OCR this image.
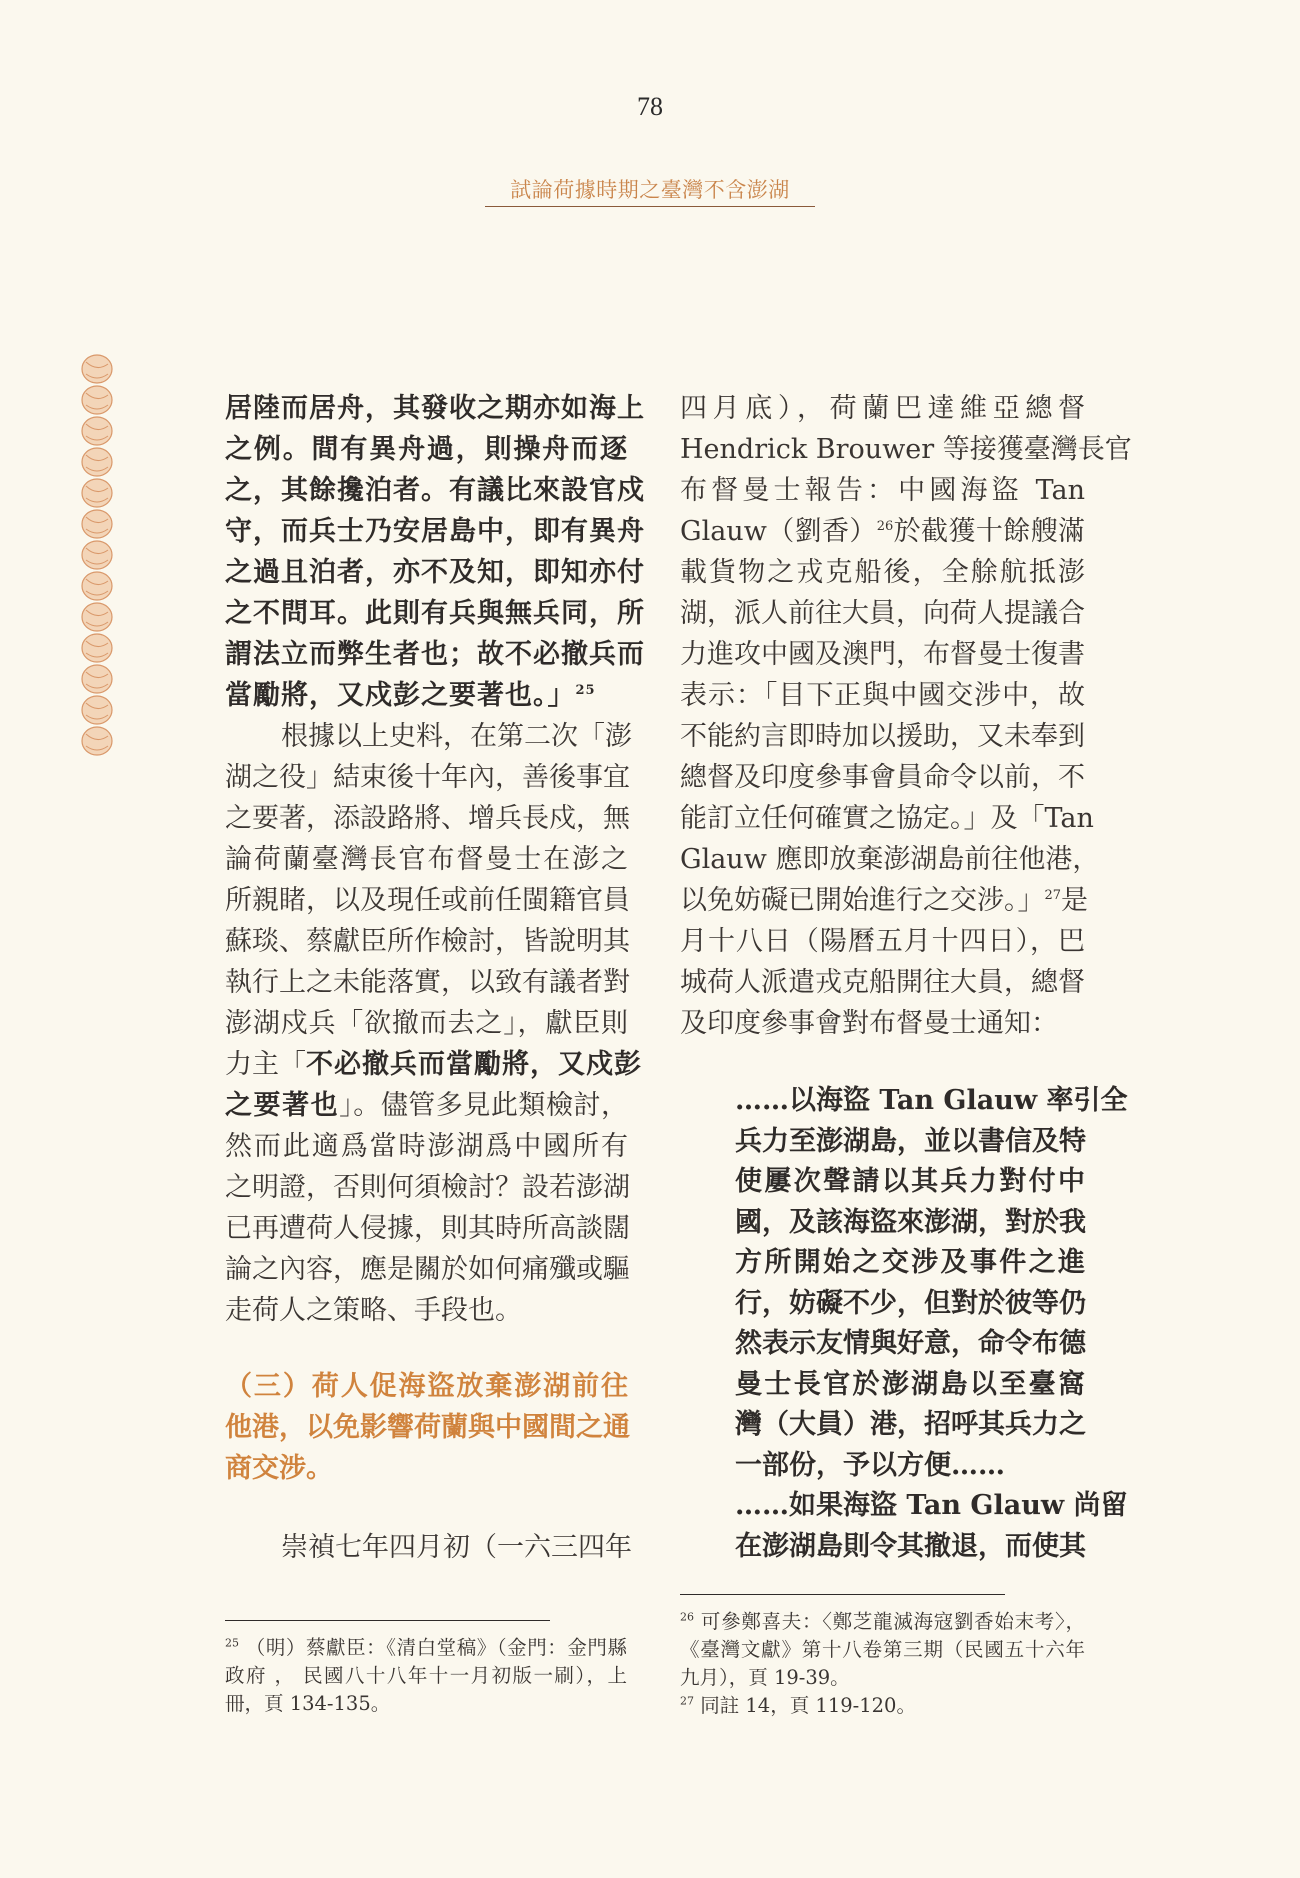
78
試論荷據時期之臺灣不含澎湖
居陸而居舟，其發收之期亦如海上
之例。間有異舟過，則操舟而逐
之，其餘攙泊者。有議比來設官戍
守，而兵士乃安居島中，即有異舟
之過且泊者，亦不及知，即知亦付
之不問耳。此則有兵與無兵同，所
謂法立而弊生者也；故不必撤兵而
當勵將，又戍彭之要著也。」$^{25}$
根據以上史料，在第二次「澎
湖之役」結束後十年內，善後事宜
之要著，添設路將、增兵長戍，無
論荷蘭臺灣長官布督曼士在澎之
所親睹，以及現任或前任閩籍官員
蘇琰、蔡獻臣所作檢討，皆說明其
執行上之未能落實，以致有議者對
澎湖戍兵「欲撤而去之」，獻臣則
力主「不必撤兵而當勵將，又戍彭
之要著也」。儘管多見此類檢討，
然而此適爲當時澎湖爲中國所有
之明證，否則何須檢討？設若澎湖
已再遭荷人侵據，則其時所高談闊
論之內容，應是關於如何痛殲或驅
走荷人之策略、手段也。
（三）荷人促海盜放棄澎湖前往
他港，以免影響荷蘭與中國間之通
商交涉。
崇禎七年四月初（一六三四年
四月底），荷蘭巴達維亞總督
Hendrick Brouwer 等接獲臺灣長官
布督曼士報告：中國海盜 Tan
Glauw（劉香）$^{26}$於截獲十餘艘滿
載貨物之戎克船後，全艅航抵澎
湖，派人前往大員，向荷人提議合
力進攻中國及澳門，布督曼士復書
表示：「目下正與中國交涉中，故
不能約言即時加以援助，又未奉到
總督及印度參事會員命令以前，不
能訂立任何確實之協定。」及「Tan
Glauw 應即放棄澎湖島前往他港，
以免妨礙已開始進行之交涉。」$^{27}$是
月十八日（陽曆五月十四日），巴
城荷人派遣戎克船開往大員，總督
及印度參事會對布督曼士通知：
……以海盜 Tan Glauw 率引全
兵力至澎湖島，並以書信及特
使屢次聲請以其兵力對付中
國，及該海盜來澎湖，對於我
方所開始之交涉及事件之進
行，妨礙不少，但對於彼等仍
然表示友情與好意，命令布德
曼士長官於澎湖島以至臺窩
灣（大員）港，招呼其兵力之
一部份，予以方便……
……如果海盜 Tan Glauw 尚留
在澎湖島則令其撤退，而使其
$^{25}$ （明）蔡獻臣：《清白堂稿》（金門：金門縣政府 ， 民國八十八年十一月初版一刷），上冊，頁 134-135。
$^{26}$ 可參鄭喜夫：〈鄭芝龍滅海寇劉香始末考〉，《臺灣文獻》第十八卷第三期（民國五十六年九月），頁 19-39。
$^{27}$ 同註 14，頁 119-120。
